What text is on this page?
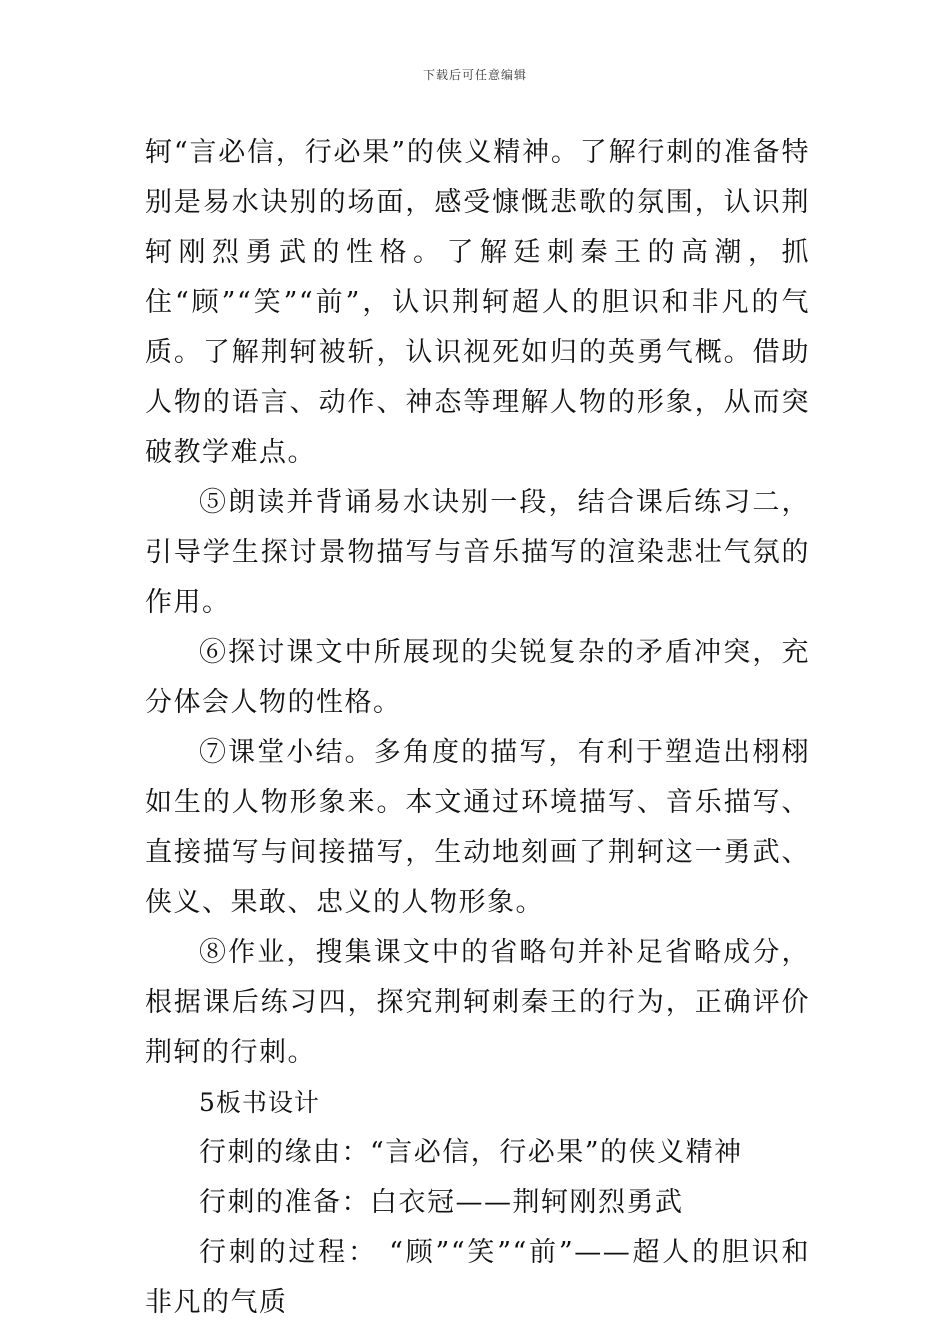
下载后可任意编辑

轲“言必信，行必果”的侠义精神。了解行刺的准备特别是易水诀别的场面，感受慷慨悲歌的氛围，认识荆轲刚烈勇武的性格。了解廷刺秦王的高潮，抓住“顾”“笑”“前”，认识荆轲超人的胆识和非凡的气质。了解荆轲被斩，认识视死如归的英勇气概。借助人物的语言、动作、神态等理解人物的形象，从而突破教学难点。

⑤朗读并背诵易水诀别一段，结合课后练习二，引导学生探讨景物描写与音乐描写的渲染悲壮气氛的作用。

⑥探讨课文中所展现的尖锐复杂的矛盾冲突，充分体会人物的性格。

⑦课堂小结。多角度的描写，有利于塑造出栩栩如生的人物形象来。本文通过环境描写、音乐描写、直接描写与间接描写，生动地刻画了荆轲这一勇武、侠义、果敢、忠义的人物形象。

⑧作业，搜集课文中的省略句并补足省略成分，根据课后练习四，探究荆轲刺秦王的行为，正确评价荆轲的行刺。

5板书设计

行刺的缘由：“言必信，行必果”的侠义精神

行刺的准备：白衣冠——荆轲刚烈勇武

行刺的过程： “顾”“笑”“前”——超人的胆识和非凡的气质
